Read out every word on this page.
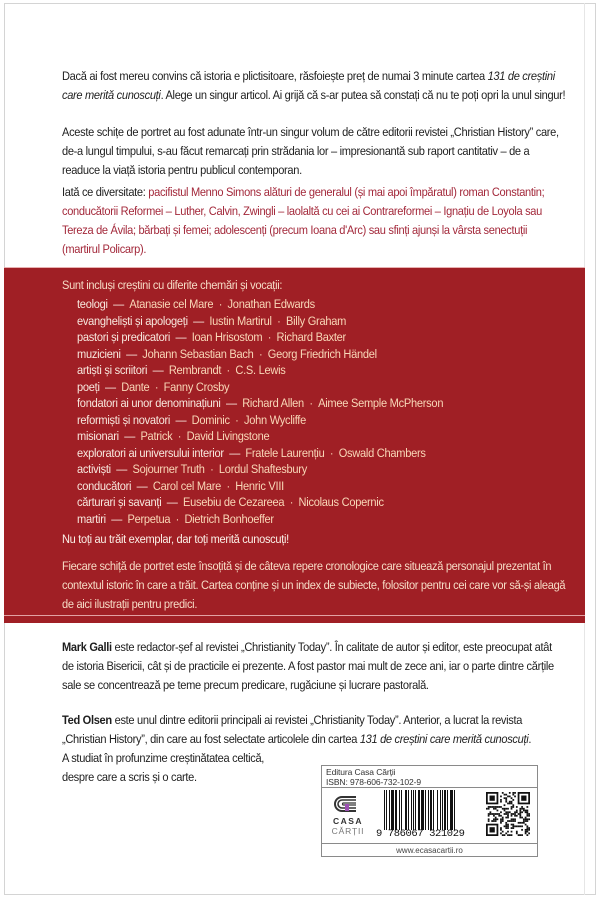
Dacă ai fost mereu convins că istoria e plictisitoare, răsfoiește preț de numai 3 minute cartea 131 de creștini care merită cunoscuți. Alege un singur articol. Ai grijă că s-ar putea să constați că nu te poți opri la unul singur!
Aceste schițe de portret au fost adunate într-un singur volum de către editorii revistei „Christian History” care, de-a lungul timpului, s-au făcut remarcați prin strădania lor – impresionantă sub raport cantitativ – de a readuce la viață istoria pentru publicul contemporan.
Iată ce diversitate: pacifistul Menno Simons alături de generalul (și mai apoi împăratul) roman Constantin; conducătorii Reformei – Luther, Calvin, Zwingli – laolaltă cu cei ai Contrareformei – Ignațiu de Loyola sau Tereza de Ávila; bărbați și femei; adolescenți (precum Ioana d'Arc) sau sfinți ajunși la vârsta senectuții (martirul Policarp).
Sunt incluși creștini cu diferite chemări și vocații:
teologi — Atanasie cel Mare · Jonathan Edwards
evangheliști și apologeți — Iustin Martirul · Billy Graham
pastori și predicatori — Ioan Hrisostom · Richard Baxter
muzicieni — Johann Sebastian Bach · Georg Friedrich Händel
artiști și scriitori — Rembrandt · C.S. Lewis
poeți — Dante · Fanny Crosby
fondatori ai unor denominațiuni — Richard Allen · Aimee Semple McPherson
reformiști și novatori — Dominic · John Wycliffe
misionari — Patrick · David Livingstone
exploratori ai universului interior — Fratele Laurențiu · Oswald Chambers
activiști — Sojourner Truth · Lordul Shaftesbury
conducători — Carol cel Mare · Henric VIII
cărturari și savanți — Eusebiu de Cezareea · Nicolaus Copernic
martiri — Perpetua · Dietrich Bonhoeffer
Nu toți au trăit exemplar, dar toți merită cunoscuți!
Fiecare schiță de portret este însoțită și de câteva repere cronologice care situează personajul prezentat în contextul istoric în care a trăit. Cartea conține și un index de subiecte, folositor pentru cei care vor să-și aleagă de aici ilustrații pentru predici.
Mark Galli este redactor-șef al revistei „Christianity Today”. În calitate de autor și editor, este preocupat atât de istoria Bisericii, cât și de practicile ei prezente. A fost pastor mai mult de zece ani, iar o parte dintre cărțile sale se concentrează pe teme precum predicare, rugăciune și lucrare pastorală.
Ted Olsen este unul dintre editorii principali ai revistei „Christianity Today”. Anterior, a lucrat la revista „Christian History”, din care au fost selectate articolele din cartea 131 de creștini care merită cunoscuți.
A studiat în profunzime creștinătatea celtică,
despre care a scris și o carte.	Editura Casa Cărții
ISBN: 978-606-732-102-9
CASA
CĂRȚII	9 786067 321029
www.ecasacartii.ro
